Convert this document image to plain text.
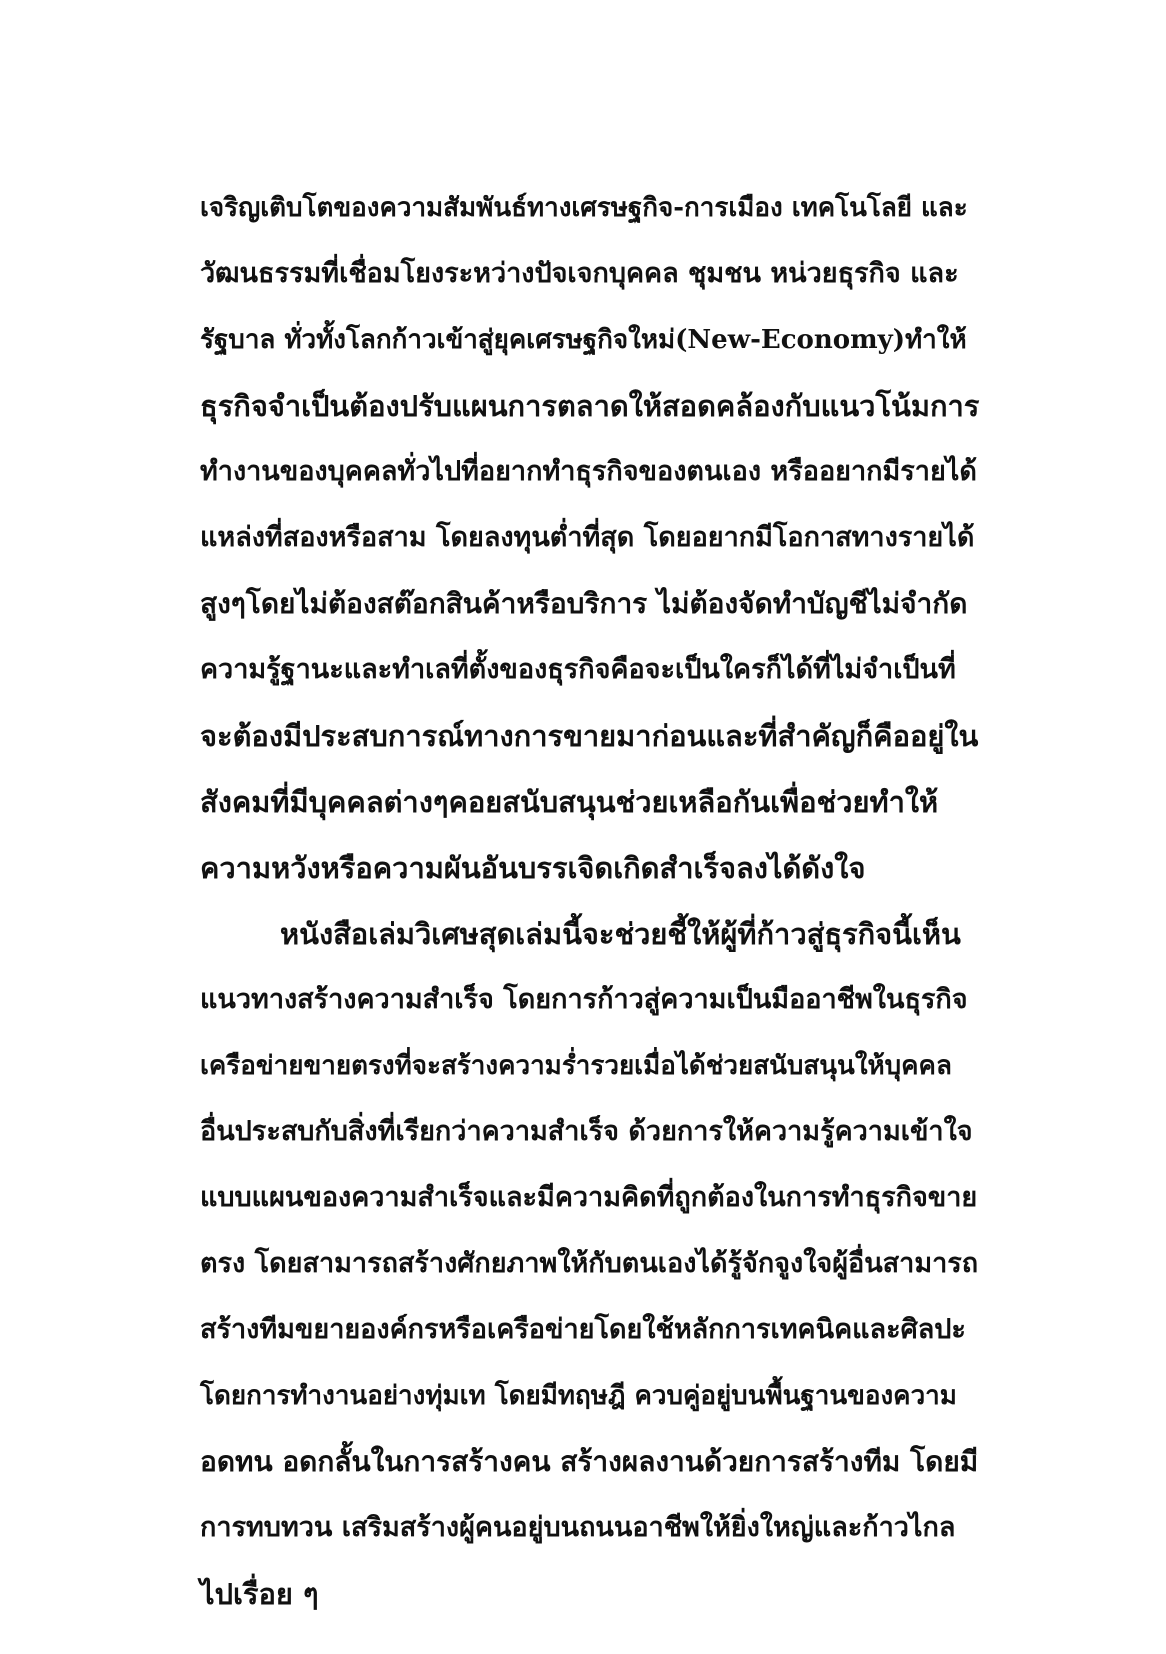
เจริญเติบโตของความสัมพันธ์ทางเศรษฐกิจ-การเมือง เทคโนโลยี และ
วัฒนธรรมที่เชื่อมโยงระหว่างปัจเจกบุคคล ชุมชน หน่วยธุรกิจ และ
รัฐบาล ทั่วทั้งโลกก้าวเข้าสู่ยุคเศรษฐกิจใหม่(New-Economy)ทำให้
ธุรกิจจำเป็นต้องปรับแผนการตลาดให้สอดคล้องกับแนวโน้มการ
ทำงานของบุคคลทั่วไปที่อยากทำธุรกิจของตนเอง หรืออยากมีรายได้
แหล่งที่สองหรือสาม โดยลงทุนต่ำที่สุด โดยอยากมีโอกาสทางรายได้
สูงๆโดยไม่ต้องสต๊อกสินค้าหรือบริการ ไม่ต้องจัดทำบัญชีไม่จำกัด
ความรู้ฐานะและทำเลที่ตั้งของธุรกิจคือจะเป็นใครก็ได้ที่ไม่จำเป็นที่
จะต้องมีประสบการณ์ทางการขายมาก่อนและที่สำคัญก็คืออยู่ใน
สังคมที่มีบุคคลต่างๆคอยสนับสนุนช่วยเหลือกันเพื่อช่วยทำให้
ความหวังหรือความผันอันบรรเจิดเกิดสำเร็จลงได้ดังใจ
หนังสือเล่มวิเศษสุดเล่มนี้จะช่วยชี้ให้ผู้ที่ก้าวสู่ธุรกิจนี้เห็น
แนวทางสร้างความสำเร็จ โดยการก้าวสู่ความเป็นมืออาชีพในธุรกิจ
เครือข่ายขายตรงที่จะสร้างความร่ำรวยเมื่อได้ช่วยสนับสนุนให้บุคคล
อื่นประสบกับสิ่งที่เรียกว่าความสำเร็จ ด้วยการให้ความรู้ความเข้าใจ
แบบแผนของความสำเร็จและมีความคิดที่ถูกต้องในการทำธุรกิจขาย
ตรง โดยสามารถสร้างศักยภาพให้กับตนเองได้รู้จักจูงใจผู้อื่นสามารถ
สร้างทีมขยายองค์กรหรือเครือข่ายโดยใช้หลักการเทคนิคและศิลปะ
โดยการทำงานอย่างทุ่มเท โดยมีทฤษฎี ควบคู่อยู่บนพื้นฐานของความ
อดทน อดกลั้นในการสร้างคน สร้างผลงานด้วยการสร้างทีม โดยมี
การทบทวน เสริมสร้างผู้คนอยู่บนถนนอาชีพให้ยิ่งใหญ่และก้าวไกล
ไปเรื่อย ๆ
